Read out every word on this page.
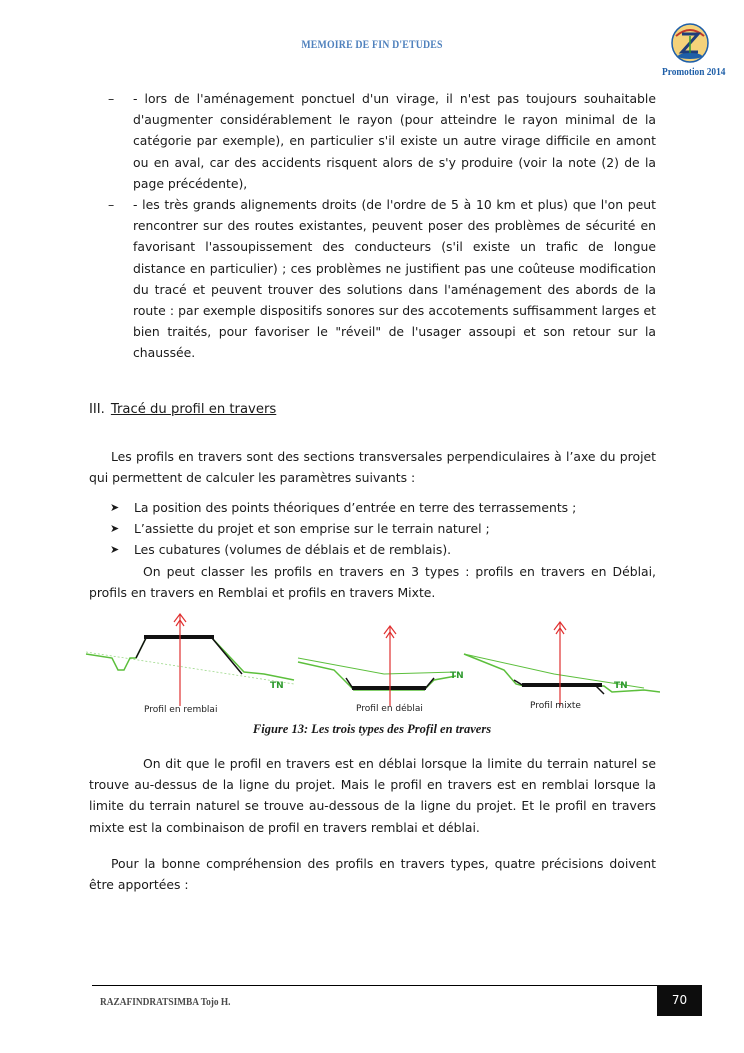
MEMOIRE DE FIN D'ETUDES
Promotion 2014
– - lors de l'aménagement ponctuel d'un virage, il n'est pas toujours souhaitable d'augmenter considérablement le rayon (pour atteindre le rayon minimal de la catégorie par exemple), en particulier s'il existe un autre virage difficile en amont ou en aval, car des accidents risquent alors de s'y produire (voir la note (2) de la page précédente),
– - les très grands alignements droits (de l'ordre de 5 à 10 km et plus) que l'on peut rencontrer sur des routes existantes, peuvent poser des problèmes de sécurité en favorisant l'assoupissement des conducteurs (s'il existe un trafic de longue distance en particulier) ; ces problèmes ne justifient pas une coûteuse modification du tracé et peuvent trouver des solutions dans l'aménagement des abords de la route : par exemple dispositifs sonores sur des accotements suffisamment larges et bien traités, pour favoriser le "réveil" de l'usager assoupi et son retour sur la chaussée.
III. Tracé du profil en travers
Les profils en travers sont des sections transversales perpendiculaires à l’axe du projet qui permettent de calculer les paramètres suivants :
➤ La position des points théoriques d’entrée en terre des terrassements ;
➤ L’assiette du projet et son emprise sur le terrain naturel ;
➤ Les cubatures (volumes de déblais et de remblais).
On peut classer les profils en travers en 3 types : profils en travers en Déblai, profils en travers en Remblai et profils en travers Mixte.
TN
Profil en remblai
TN
Profil en déblai
TN
Profil mixte
Figure 13: Les trois types des Profil en travers
On dit que le profil en travers est en déblai lorsque la limite du terrain naturel se trouve au-dessus de la ligne du projet. Mais le profil en travers est en remblai lorsque la limite du terrain naturel se trouve au-dessous de la ligne du projet. Et le profil en travers mixte est la combinaison de profil en travers remblai et déblai.
Pour la bonne compréhension des profils en travers types, quatre précisions doivent être apportées :
RAZAFINDRATSIMBA Tojo H.	70
